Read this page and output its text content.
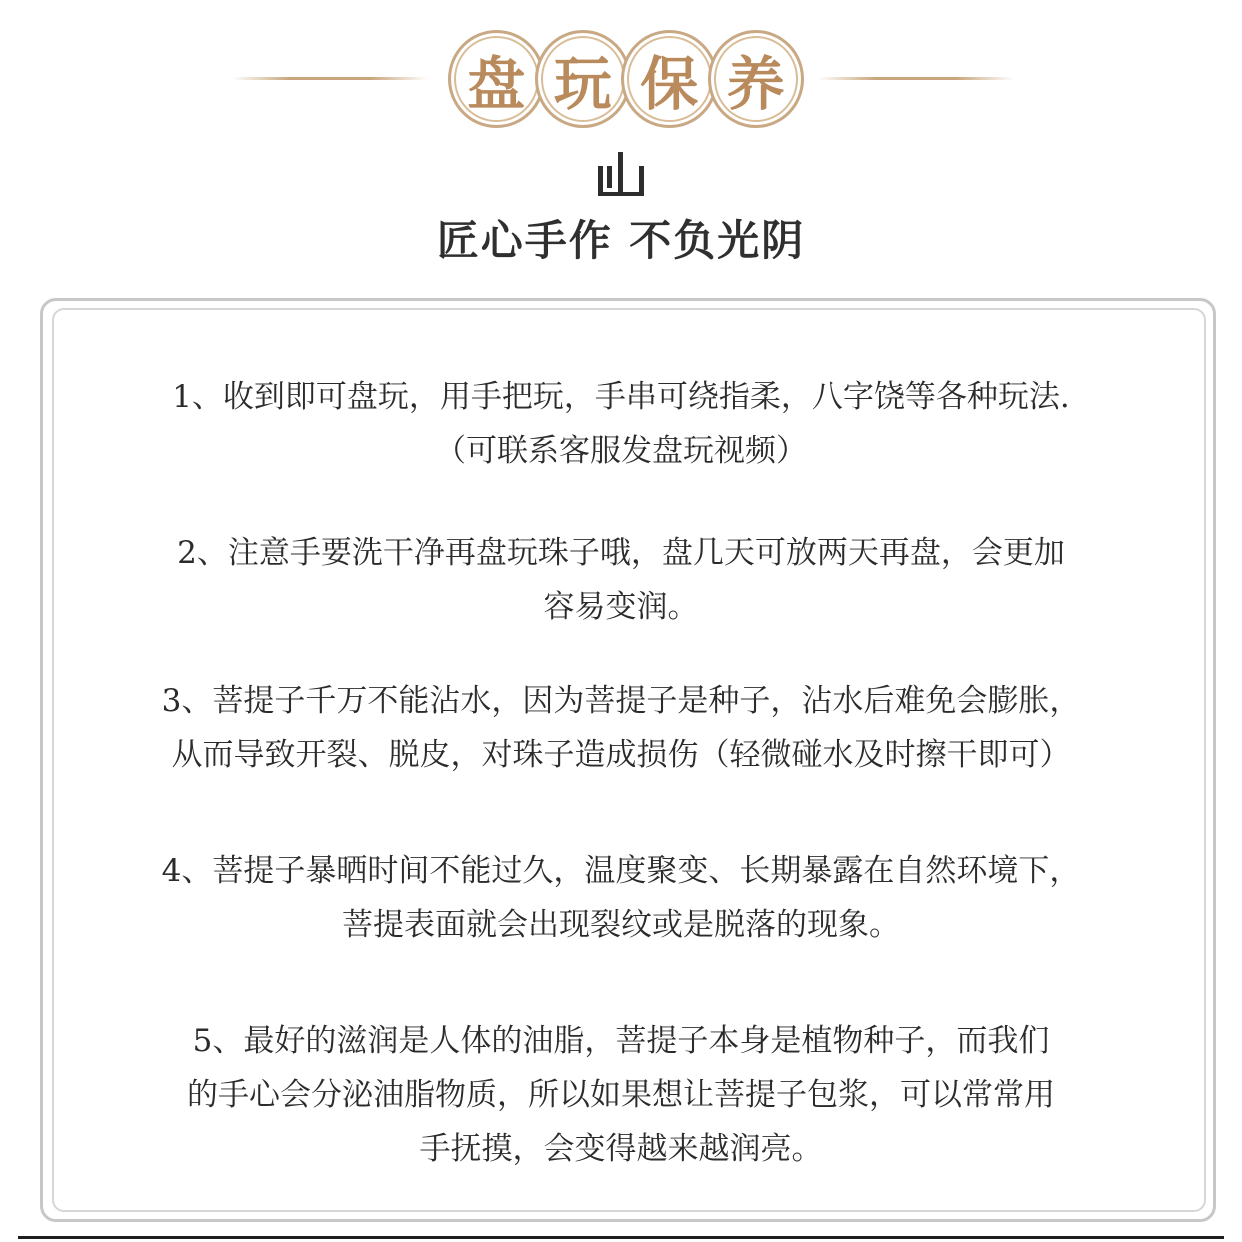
盘 玩 保 养
匠心手作 不负光阴

1、收到即可盘玩，用手把玩，手串可绕指柔，八字饶等各种玩法.

（可联系客服发盘玩视频）

2、注意手要洗干净再盘玩珠子哦，盘几天可放两天再盘，会更加

容易变润。

3、菩提子千万不能沾水，因为菩提子是种子，沾水后难免会膨胀，

从而导致开裂、脱皮，对珠子造成损伤（轻微碰水及时擦干即可）

4、菩提子暴晒时间不能过久，温度聚变、长期暴露在自然环境下，

菩提表面就会出现裂纹或是脱落的现象。

5、最好的滋润是人体的油脂，菩提子本身是植物种子，而我们

的手心会分泌油脂物质，所以如果想让菩提子包浆，可以常常用

手抚摸，会变得越来越润亮。
